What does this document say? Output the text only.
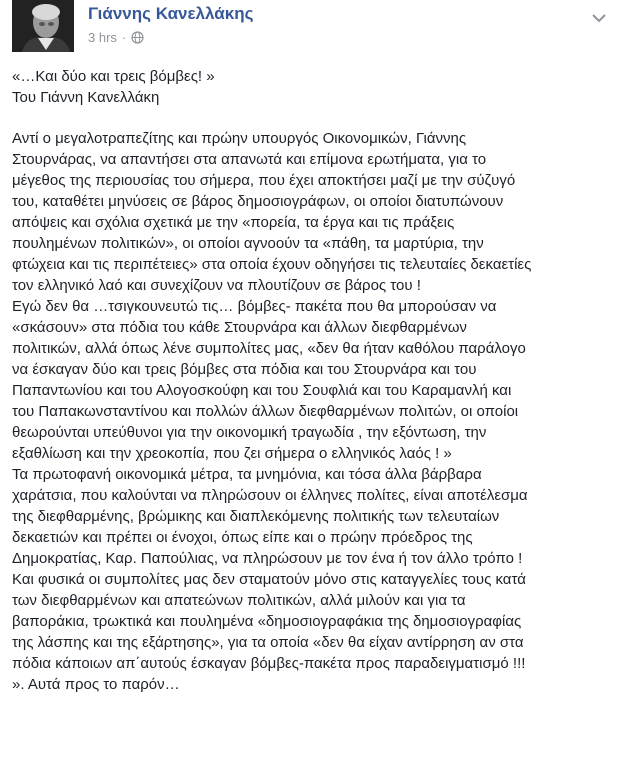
Γιάννης Κανελλάκης
3 hrs ·

«…Και δύο και τρεις βόμβες! »
Του Γιάννη Κανελλάκη

Αντί ο μεγαλοτραπεζίτης και πρώην υπουργός Οικονομικών, Γιάννης
Στουρνάρας, να απαντήσει στα απανωτά και επίμονα ερωτήματα, για το
μέγεθος της περιουσίας του σήμερα, που έχει αποκτήσει μαζί με την σύζυγό
του, καταθέτει μηνύσεις σε βάρος δημοσιογράφων, οι οποίοι διατυπώνουν
απόψεις και σχόλια σχετικά με την «πορεία, τα έργα και τις πράξεις
πουλημένων πολιτικών», οι οποίοι αγνοούν τα «πάθη, τα μαρτύρια, την
φτώχεια και τις περιπέτειες» στα οποία έχουν οδηγήσει τις τελευταίες δεκαετίες
τον ελληνικό λαό και συνεχίζουν να πλουτίζουν σε βάρος του !
Εγώ δεν θα …τσιγκουνευτώ τις… βόμβες- πακέτα που θα μπορούσαν να
«σκάσουν» στα πόδια του κάθε Στουρνάρα και άλλων διεφθαρμένων
πολιτικών, αλλά όπως λένε συμπολίτες μας, «δεν θα ήταν καθόλου παράλογο
να έσκαγαν δύο και τρεις βόμβες στα πόδια και του Στουρνάρα και του
Παπαντωνίου και του Αλογοσκούφη και του Σουφλιά και του Καραμανλή και
του Παπακωνσταντίνου και πολλών άλλων διεφθαρμένων πολιτών, οι οποίοι
θεωρούνται υπεύθυνοι για την οικονομική τραγωδία , την εξόντωση, την
εξαθλίωση και την χρεοκοπία, που ζει σήμερα ο ελληνικός λαός ! »
Τα πρωτοφανή οικονομικά μέτρα, τα μνημόνια, και τόσα άλλα βάρβαρα
χαράτσια, που καλούνται να πληρώσουν οι έλληνες πολίτες, είναι αποτέλεσμα
της διεφθαρμένης, βρώμικης και διαπλεκόμενης πολιτικής των τελευταίων
δεκαετιών και πρέπει οι ένοχοι, όπως είπε και ο πρώην πρόεδρος της
Δημοκρατίας, Καρ. Παπούλιας, να πληρώσουν με τον ένα ή τον άλλο τρόπο !
Και φυσικά οι συμπολίτες μας δεν σταματούν μόνο στις καταγγελίες τους κατά
των διεφθαρμένων και απατεώνων πολιτικών, αλλά μιλούν και για τα
βαποράκια, τρωκτικά και πουλημένα «δημοσιογραφάκια της δημοσιογραφίας
της λάσπης και της εξάρτησης», για τα οποία «δεν θα είχαν αντίρρηση αν στα
πόδια κάποιων απ΄αυτούς έσκαγαν βόμβες-πακέτα προς παραδειγματισμό !!!
». Αυτά προς το παρόν…
